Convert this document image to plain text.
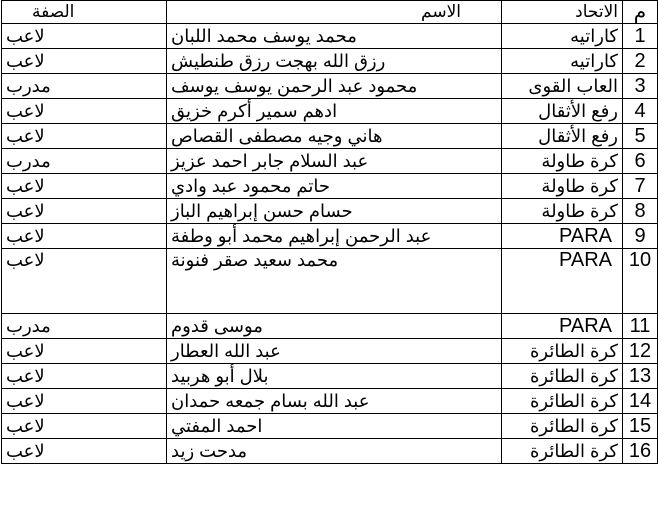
م	الاتحاد	الاسم	الصفة
1	كاراتيه	محمد يوسف محمد اللبان	لاعب
2	كاراتيه	رزق الله بهجت رزق طنطيش	لاعب
3	العاب القوى	محمود عبد الرحمن يوسف يوسف	مدرب
4	رفع الأثقال	ادهم سمير أكرم خزيق	لاعب
5	رفع الأثقال	هاني وجيه مصطفى القصاص	لاعب
6	كرة طاولة	عبد السلام جابر احمد عزيز	مدرب
7	كرة طاولة	حاتم محمود عبد وادي	لاعب
8	كرة طاولة	حسام حسن إبراهيم الباز	لاعب
9	PARA	عبد الرحمن إبراهيم محمد أبو وطفة	لاعب
10	PARA	محمد سعيد صقر فنونة	لاعب
11	PARA	موسى قدوم	مدرب
12	كرة الطائرة	عبد الله العطار	لاعب
13	كرة الطائرة	بلال أبو هربيد	لاعب
14	كرة الطائرة	عبد الله بسام جمعه حمدان	لاعب
15	كرة الطائرة	احمد المفتي	لاعب
16	كرة الطائرة	مدحت زيد	لاعب
